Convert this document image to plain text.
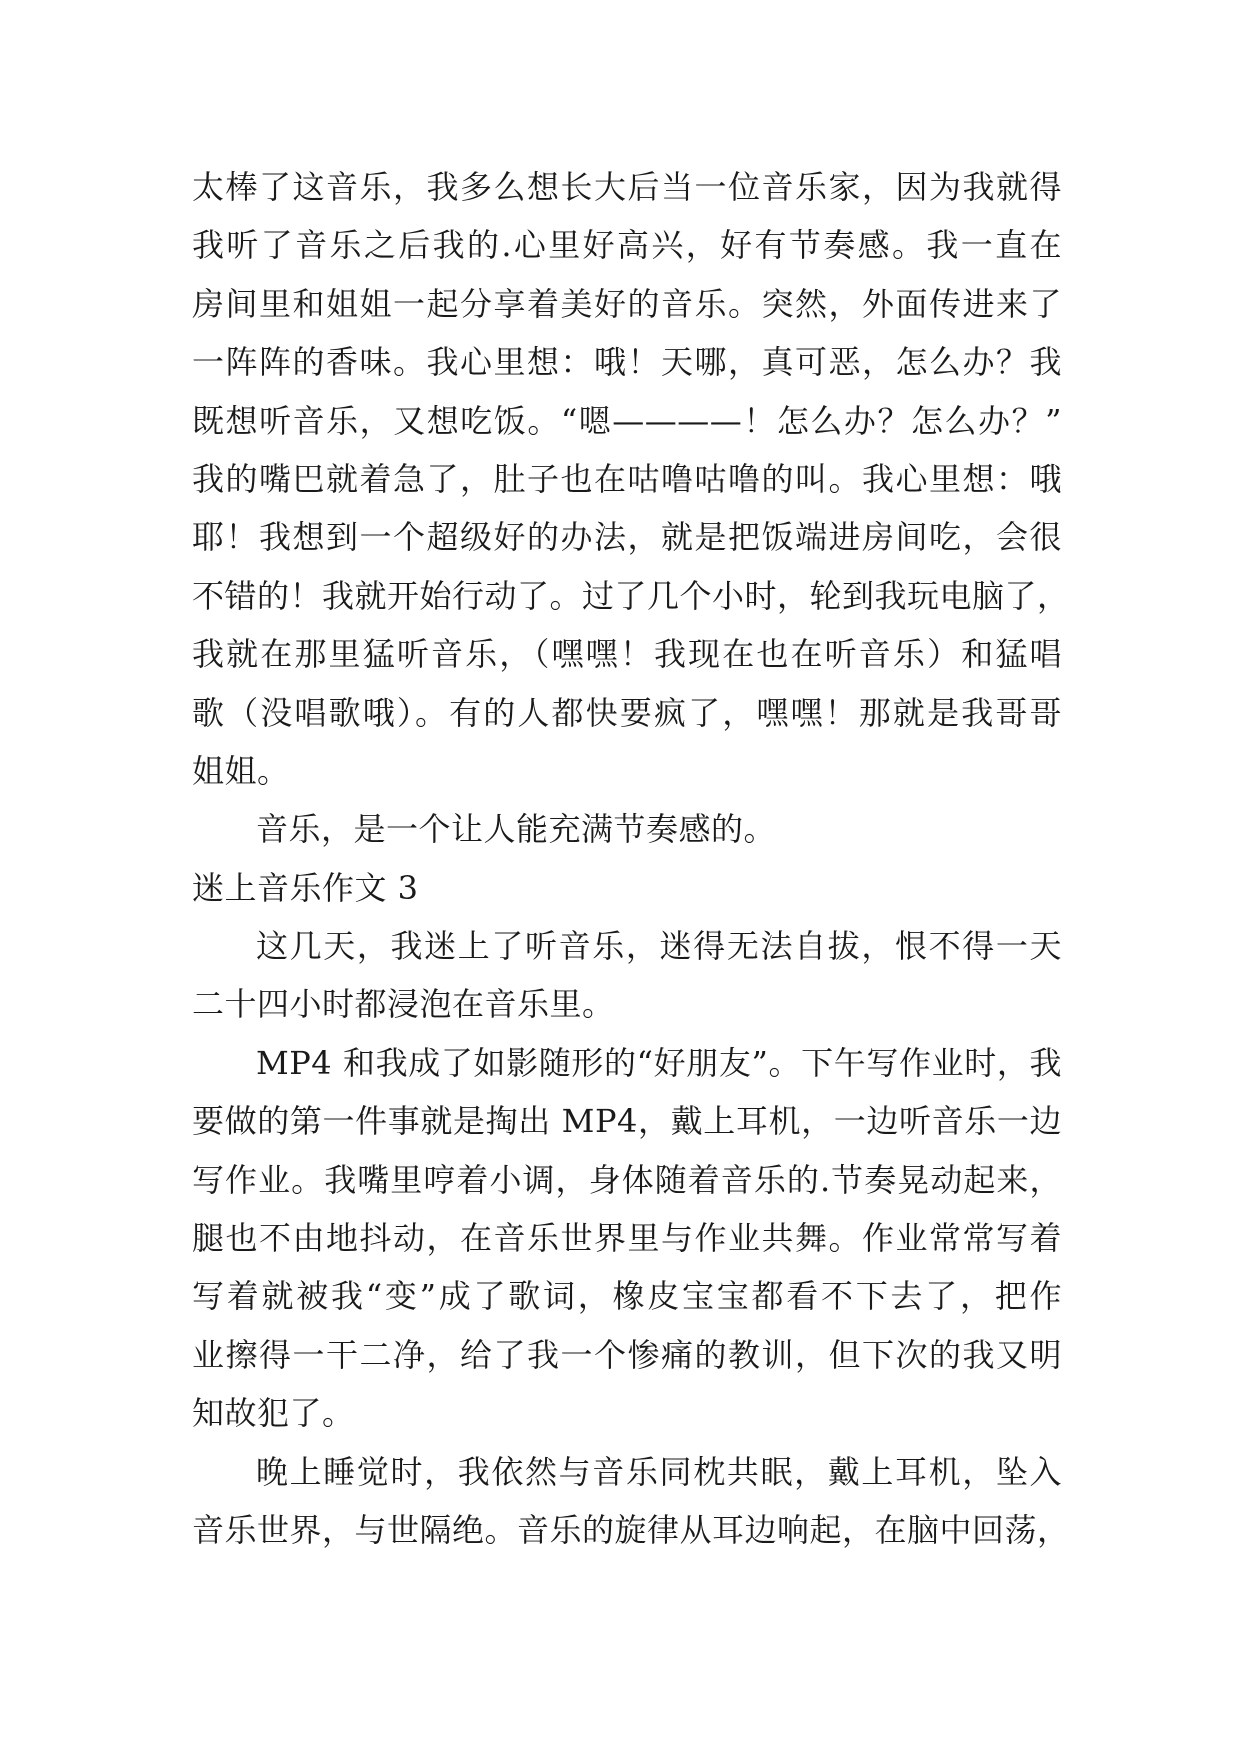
太棒了这音乐，我多么想长大后当一位音乐家，因为我就得
我听了音乐之后我的.心里好高兴，好有节奏感。我一直在
房间里和姐姐一起分享着美好的音乐。突然，外面传进来了
一阵阵的香味。我心里想：哦！天哪，真可恶，怎么办？我
既想听音乐，又想吃饭。“嗯————！怎么办？怎么办？”
我的嘴巴就着急了，肚子也在咕噜咕噜的叫。我心里想：哦
耶！我想到一个超级好的办法，就是把饭端进房间吃，会很
不错的！我就开始行动了。过了几个小时，轮到我玩电脑了，
我就在那里猛听音乐，（嘿嘿！我现在也在听音乐）和猛唱
歌（没唱歌哦）。有的人都快要疯了，嘿嘿！那就是我哥哥
姐姐。
音乐，是一个让人能充满节奏感的。
迷上音乐作文 3
这几天，我迷上了听音乐，迷得无法自拔，恨不得一天
二十四小时都浸泡在音乐里。
MP4 和我成了如影随形的“好朋友”。下午写作业时，我
要做的第一件事就是掏出 MP4，戴上耳机，一边听音乐一边
写作业。我嘴里哼着小调，身体随着音乐的.节奏晃动起来，
腿也不由地抖动，在音乐世界里与作业共舞。作业常常写着
写着就被我“变”成了歌词，橡皮宝宝都看不下去了，把作
业擦得一干二净，给了我一个惨痛的教训，但下次的我又明
知故犯了。
晚上睡觉时，我依然与音乐同枕共眠，戴上耳机，坠入
音乐世界，与世隔绝。音乐的旋律从耳边响起，在脑中回荡，
